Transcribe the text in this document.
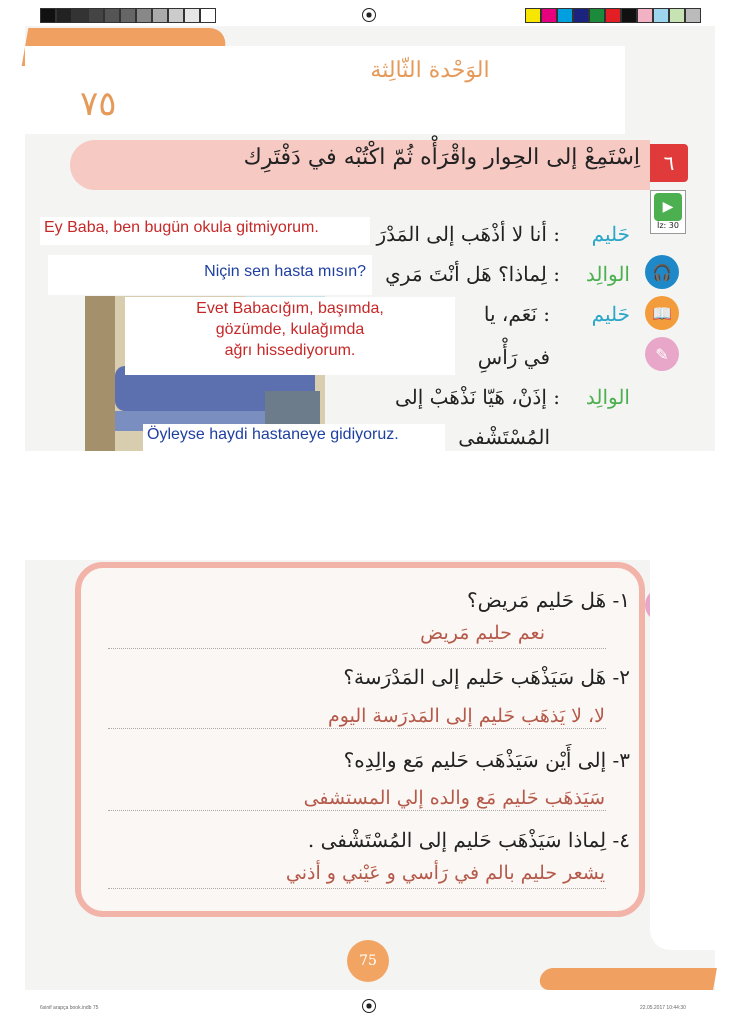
الوَحْدة الثّالِثة
٧٥
اِسْتَمِعْ إلى الحِوار واقْرَأْه ثُمّ اكْتُبْه في دَفْتَرِك	٦
▶
İz: 30
🎧
📖
✎
حَليم
: أنا لا أذْهَب إلى المَدْرَ
Ey Baba, ben bugün okula gitmiyorum.
الوالِد
: لِماذا؟ هَل أنْتَ مَري
Niçin sen hasta mısın?
حَليم
: نَعَم، يا
في رَأْسِ
Evet Babacığım, başımda,
gözümde, kulağımda
ağrı hissediyorum.
الوالِد
: إذَنْ، هَيّا نَذْهَبْ إلى
المُسْتَشْفى
Öyleyse haydi hastaneye gidiyoruz.
١- هَل حَليم مَريض؟
نعم حليم مَريض
٢- هَل سَيَذْهَب حَليم إلى المَدْرَسة؟
لا، لا يَذهَب حَليم إلى المَدرَسة اليوم
٣- إلى أَيْن سَيَذْهَب حَليم مَع والِدِه؟
سَيَذهَب حَليم مَع والده إلي المستشفى
٤- لِماذا سَيَذْهَب حَليم إلى المُسْتَشْفى .
يشعر حليم بالم في رَأسي و عَيْني و أذني
75
6sinif arapça book.indb 75	22.05.2017 10:44:30
